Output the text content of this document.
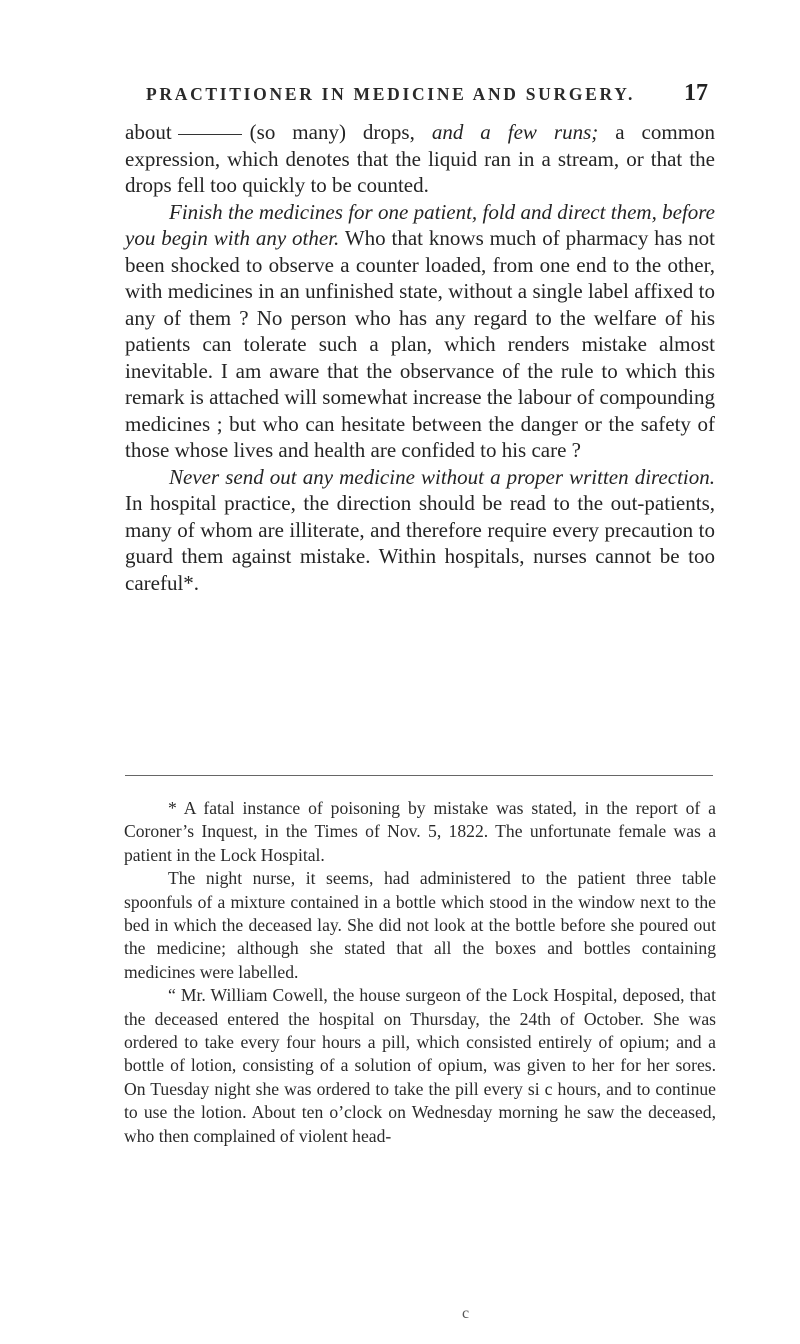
PRACTITIONER IN MEDICINE AND SURGERY. 17

about	(so many) drops, and a few runs; a common expression, which denotes that the liquid ran in a stream, or that the drops fell too quickly to be counted.

Finish the medicines for one patient, fold and direct them, before you begin with any other. Who that knows much of pharmacy has not been shocked to observe a counter loaded, from one end to the other, with medicines in an unfinished state, without a single label affixed to any of them ? No person who has any regard to the welfare of his patients can tolerate such a plan, which renders mistake almost inevitable. I am aware that the observance of the rule to which this remark is attached will somewhat increase the labour of compounding medicines ; but who can hesitate between the danger or the safety of those whose lives and health are confided to his care ?

Never send out any medicine without a proper written direction. In hospital practice, the direction should be read to the out-patients, many of whom are illiterate, and therefore require every precaution to guard them against mistake. Within hospitals, nurses cannot be too careful*.

* A fatal instance of poisoning by mistake was stated, in the report of a Coroner’s Inquest, in the Times of Nov. 5, 1822. The unfortunate female was a patient in the Lock Hospital.

The night nurse, it seems, had administered to the patient three table spoonfuls of a mixture contained in a bottle which stood in the window next to the bed in which the deceased lay. She did not look at the bottle before she poured out the medicine; although she stated that all the boxes and bottles containing medicines were labelled.

“ Mr. William Cowell, the house surgeon of the Lock Hospital, deposed, that the deceased entered the hospital on Thursday, the 24th of October. She was ordered to take every four hours a pill, which consisted entirely of opium; and a bottle of lotion, consisting of a solution of opium, was given to her for her sores. On Tuesday night she was ordered to take the pill every si c hours, and to continue to use the lotion. About ten o’clock on Wednesday morning he saw the deceased, who then complained of violent head-

c
